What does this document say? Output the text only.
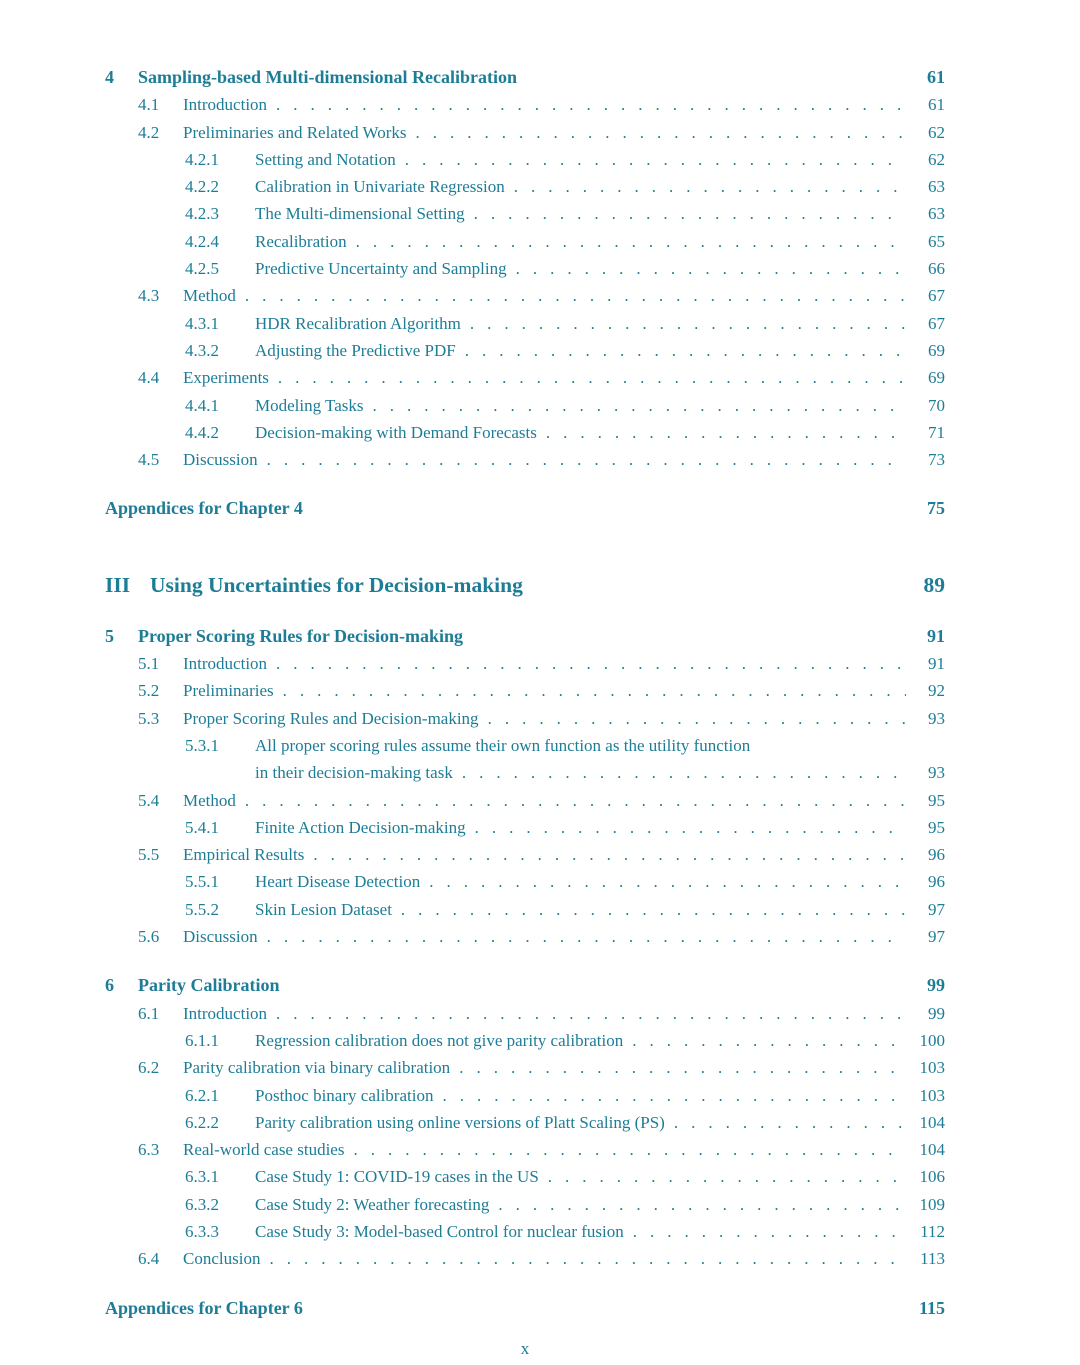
4	Sampling-based Multi-dimensional Recalibration	61
4.1	Introduction .....	61
4.2	Preliminaries and Related Works .....	62
4.2.1	Setting and Notation .....	62
4.2.2	Calibration in Univariate Regression .....	63
4.2.3	The Multi-dimensional Setting .....	63
4.2.4	Recalibration .....	65
4.2.5	Predictive Uncertainty and Sampling .....	66
4.3	Method .....	67
4.3.1	HDR Recalibration Algorithm .....	67
4.3.2	Adjusting the Predictive PDF .....	69
4.4	Experiments .....	69
4.4.1	Modeling Tasks .....	70
4.4.2	Decision-making with Demand Forecasts .....	71
4.5	Discussion .....	73
Appendices for Chapter 4	75
III Using Uncertainties for Decision-making	89
5	Proper Scoring Rules for Decision-making	91
5.1	Introduction .....	91
5.2	Preliminaries .....	92
5.3	Proper Scoring Rules and Decision-making .....	93
5.3.1	All proper scoring rules assume their own function as the utility function
in their decision-making task .....	93
5.4	Method .....	95
5.4.1	Finite Action Decision-making .....	95
5.5	Empirical Results .....	96
5.5.1	Heart Disease Detection .....	96
5.5.2	Skin Lesion Dataset .....	97
5.6	Discussion .....	97
6	Parity Calibration	99
6.1	Introduction .....	99
6.1.1	Regression calibration does not give parity calibration .....	100
6.2	Parity calibration via binary calibration .....	103
6.2.1	Posthoc binary calibration .....	103
6.2.2	Parity calibration using online versions of Platt Scaling (PS) .....	104
6.3	Real-world case studies .....	104
6.3.1	Case Study 1: COVID-19 cases in the US .....	106
6.3.2	Case Study 2: Weather forecasting .....	109
6.3.3	Case Study 3: Model-based Control for nuclear fusion .....	112
6.4	Conclusion .....	113
Appendices for Chapter 6	115
x
